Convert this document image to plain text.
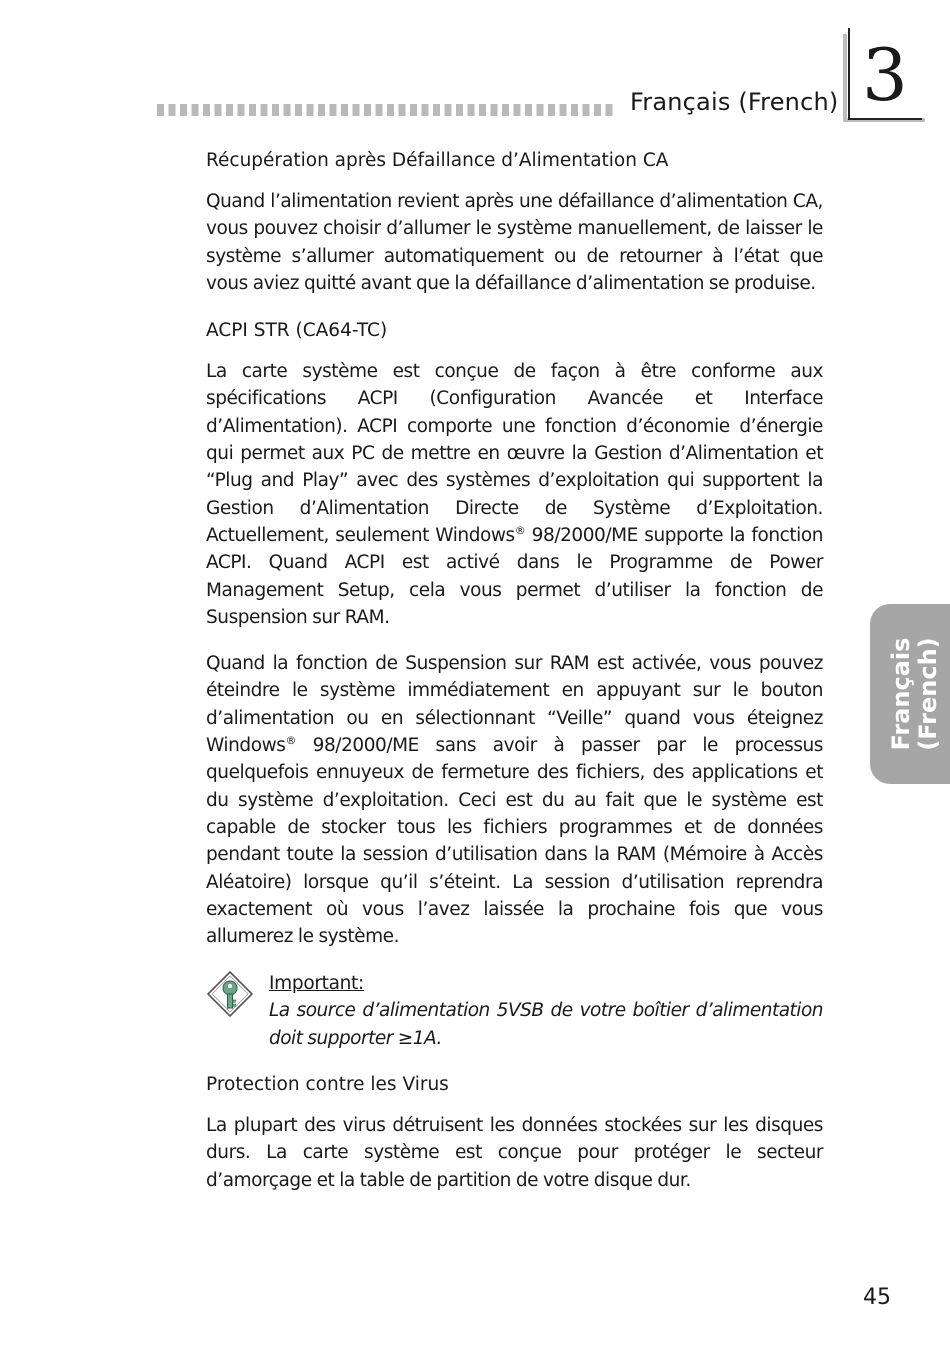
Français (French) 3
Français (French)
Récupération après Défaillance d’Alimentation CA

Quand l’alimentation revient après une défaillance d’alimentation CA, vous pouvez choisir d’allumer le système manuellement, de laisser le système s’allumer automatiquement ou de retourner à l’état que vous aviez quitté avant que la défaillance d’alimentation se produise.

ACPI STR (CA64-TC)

La carte système est conçue de façon à être conforme aux spécifications ACPI (Configuration Avancée et Interface d’Alimentation). ACPI comporte une fonction d’économie d’énergie qui permet aux PC de mettre en œuvre la Gestion d’Alimentation et “Plug and Play” avec des systèmes d’exploitation qui supportent la Gestion d’Alimentation Directe de Système d’Exploitation. Actuellement, seulement Windows® 98/2000/ME supporte la fonction ACPI. Quand ACPI est activé dans le Programme de Power Management Setup, cela vous permet d’utiliser la fonction de Suspension sur RAM.

Quand la fonction de Suspension sur RAM est activée, vous pouvez éteindre le système immédiatement en appuyant sur le bouton d’alimentation ou en sélectionnant “Veille” quand vous éteignez Windows® 98/2000/ME sans avoir à passer par le processus quelquefois ennuyeux de fermeture des fichiers, des applications et du système d’exploitation. Ceci est du au fait que le système est capable de stocker tous les fichiers programmes et de données pendant toute la session d’utilisation dans la RAM (Mémoire à Accès Aléatoire) lorsque qu’il s’éteint. La session d’utilisation reprendra exactement où vous l’avez laissée la prochaine fois que vous allumerez le système.

Important:
La source d’alimentation 5VSB de votre boîtier d’alimentation doit supporter ≥1A.
Protection contre les Virus

La plupart des virus détruisent les données stockées sur les disques durs. La carte système est conçue pour protéger le secteur d’amorçage et la table de partition de votre disque dur.

45
